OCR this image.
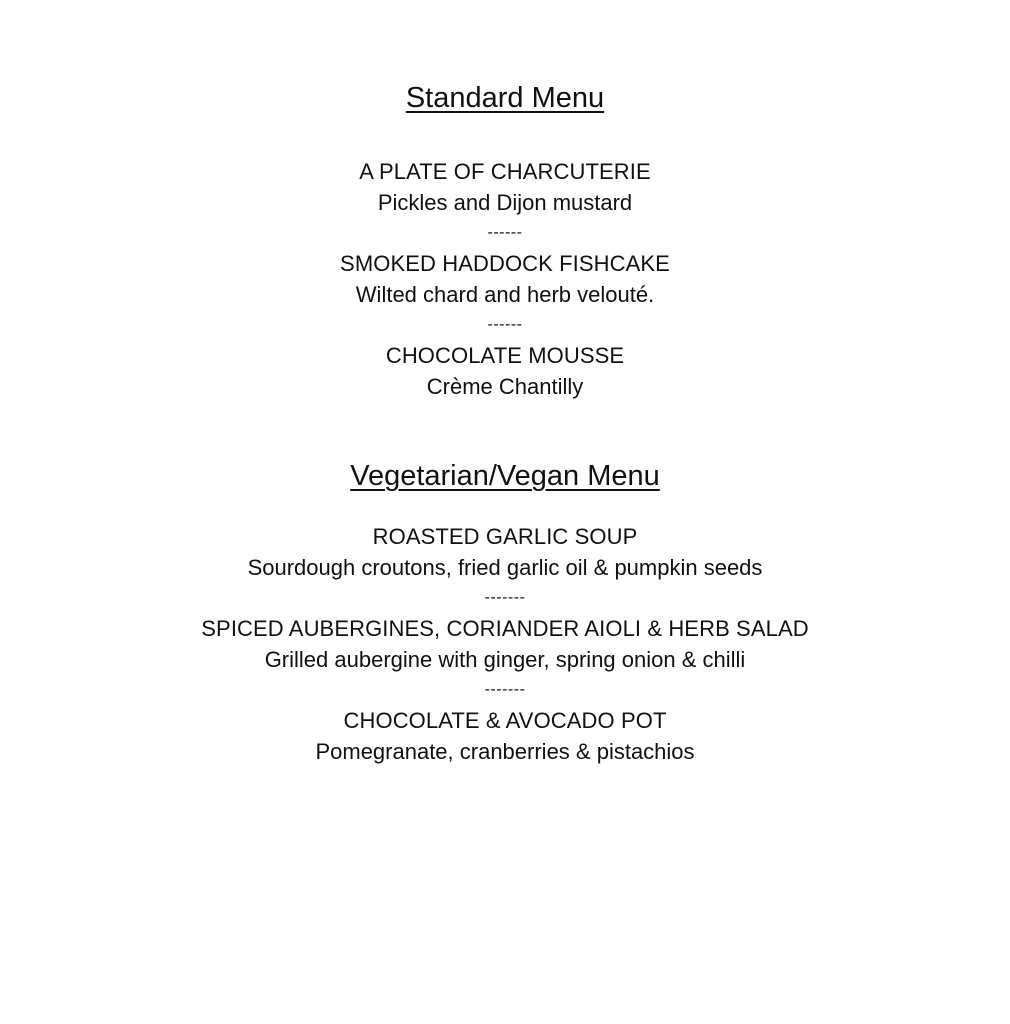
Standard Menu
A PLATE OF CHARCUTERIE
Pickles and Dijon mustard
------
SMOKED HADDOCK FISHCAKE
Wilted chard and herb velouté.
------
CHOCOLATE MOUSSE
Crème Chantilly
Vegetarian/Vegan Menu
ROASTED GARLIC SOUP
Sourdough croutons, fried garlic oil & pumpkin seeds
-------
SPICED AUBERGINES, CORIANDER AIOLI & HERB SALAD
Grilled aubergine with ginger, spring onion & chilli
-------
CHOCOLATE & AVOCADO POT
Pomegranate, cranberries & pistachios
